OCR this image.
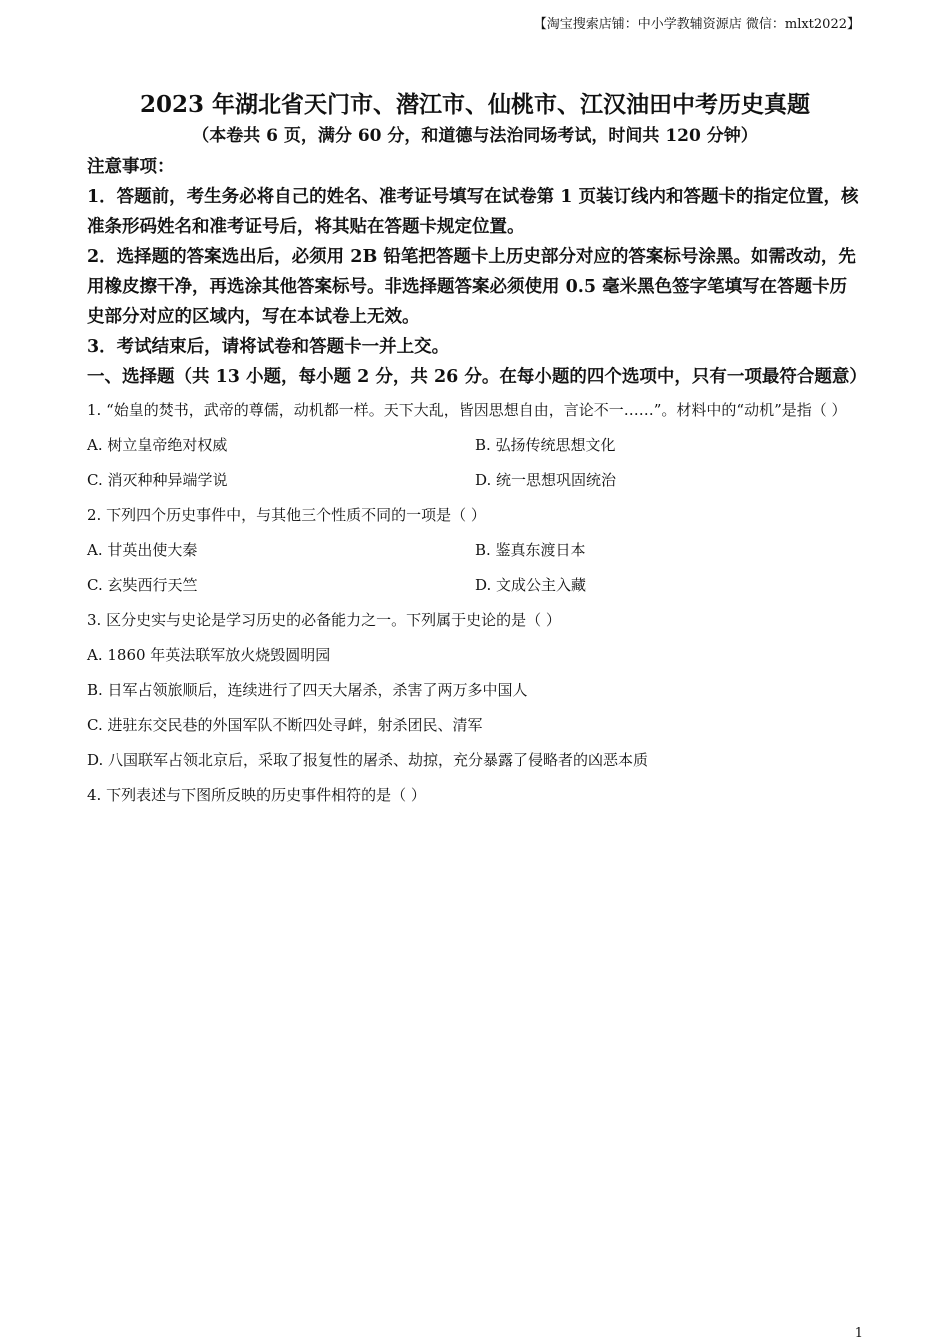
【淘宝搜索店铺：中小学教辅资源店 微信：mlxt2022】
2023 年湖北省天门市、潜江市、仙桃市、江汉油田中考历史真题

（本卷共 6 页，满分 60 分，和道德与法治同场考试，时间共 120 分钟）

注意事项：

1．答题前，考生务必将自己的姓名、准考证号填写在试卷第 1 页装订线内和答题卡的指定位置，核准条形码姓名和准考证号后，将其贴在答题卡规定位置。

2．选择题的答案选出后，必须用 2B 铅笔把答题卡上历史部分对应的答案标号涂黑。如需改动，先用橡皮擦干净，再选涂其他答案标号。非选择题答案必须使用 0.5 毫米黑色签字笔填写在答题卡历史部分对应的区域内，写在本试卷上无效。

3．考试结束后，请将试卷和答题卡一并上交。

一、选择题（共 13 小题，每小题 2 分，共 26 分。在每小题的四个选项中，只有一项最符合题意）

1. “始皇的焚书，武帝的尊儒，动机都一样。天下大乱，皆因思想自由，言论不一……”。材料中的“动机”是指（ ）

A. 树立皇帝绝对权威	B. 弘扬传统思想文化
C. 消灭种种异端学说	D. 统一思想巩固统治

2. 下列四个历史事件中，与其他三个性质不同的一项是（ ）

A. 甘英出使大秦	B. 鉴真东渡日本
C. 玄奘西行天竺	D. 文成公主入藏

3. 区分史实与史论是学习历史的必备能力之一。下列属于史论的是（ ）

A. 1860 年英法联军放火烧毁圆明园
B. 日军占领旅顺后，连续进行了四天大屠杀，杀害了两万多中国人
C. 进驻东交民巷的外国军队不断四处寻衅，射杀团民、清军
D. 八国联军占领北京后，采取了报复性的屠杀、劫掠，充分暴露了侵略者的凶恶本质

4. 下列表述与下图所反映的历史事件相符的是（ ）

1
